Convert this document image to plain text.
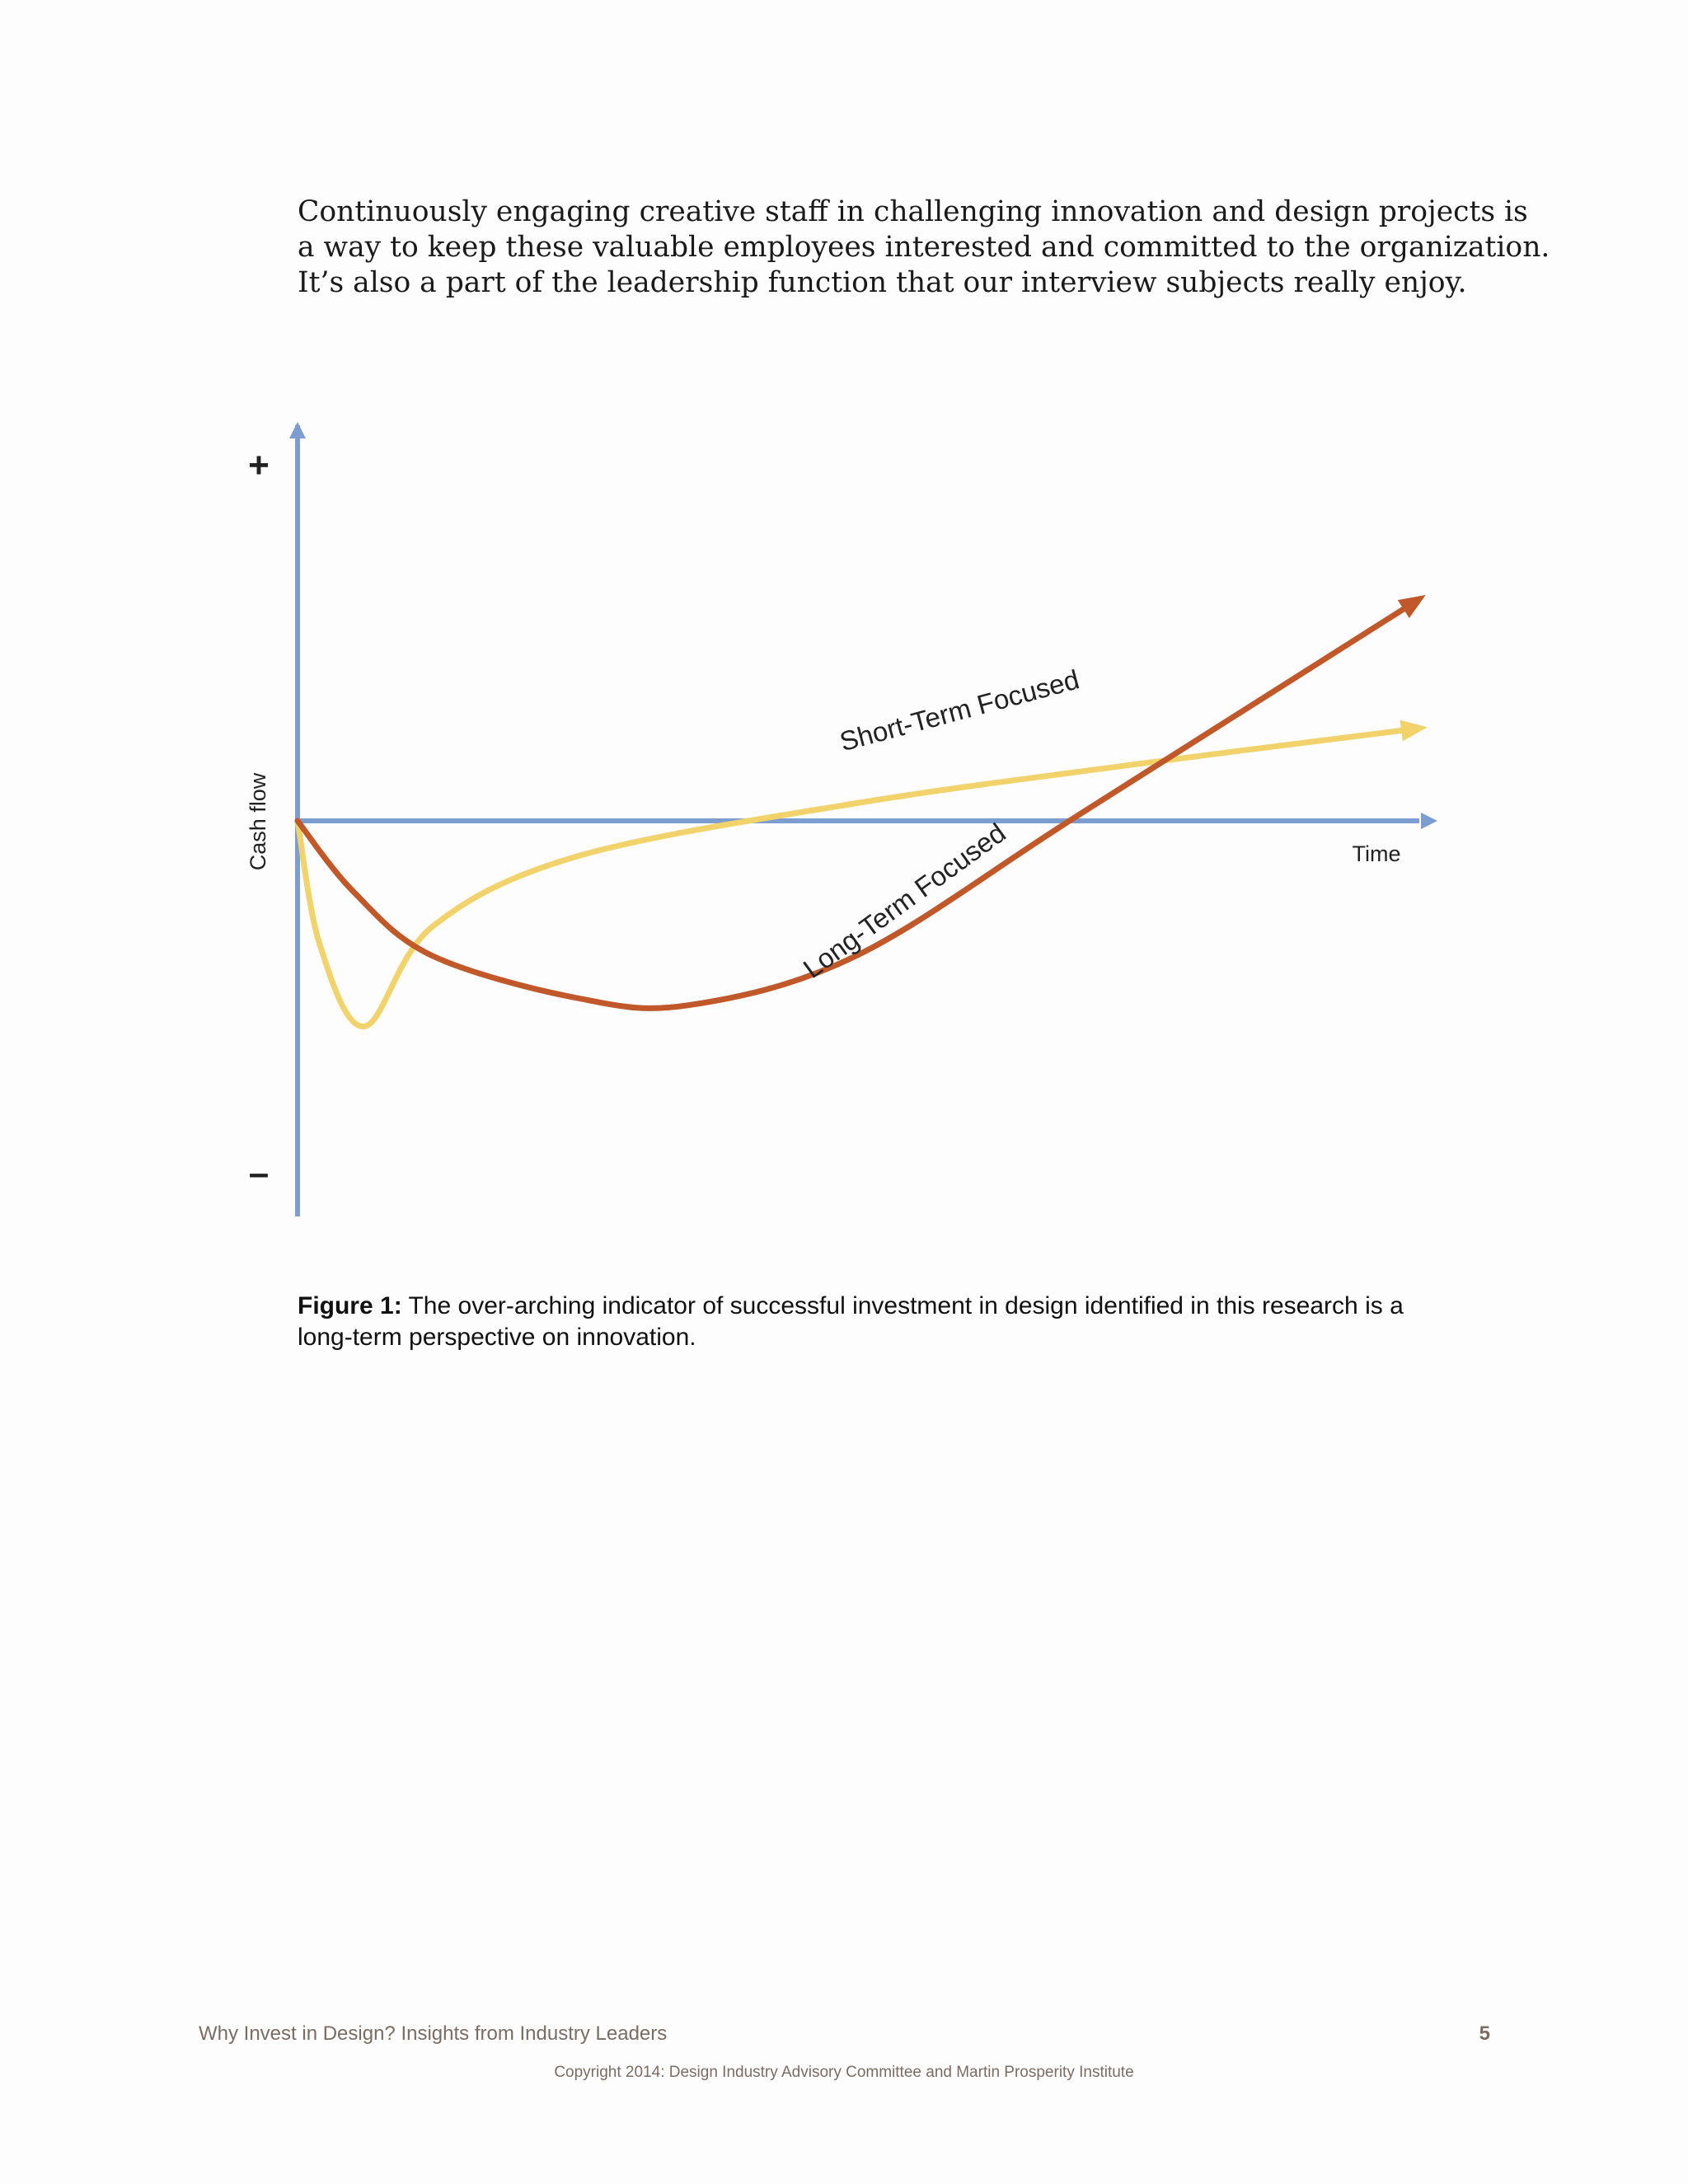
Continuously engaging creative staff in challenging innovation and design projects is
a way to keep these valuable employees interested and committed to the organization.
It’s also a part of the leadership function that our interview subjects really enjoy.

+
–
Cash flow	Time
Short-Term Focused
Long-Term Focused

Figure 1: The over-arching indicator of successful investment in design identified in this research is a
long-term perspective on innovation.

Why Invest in Design? Insights from Industry Leaders	5
Copyright 2014: Design Industry Advisory Committee and Martin Prosperity Institute
